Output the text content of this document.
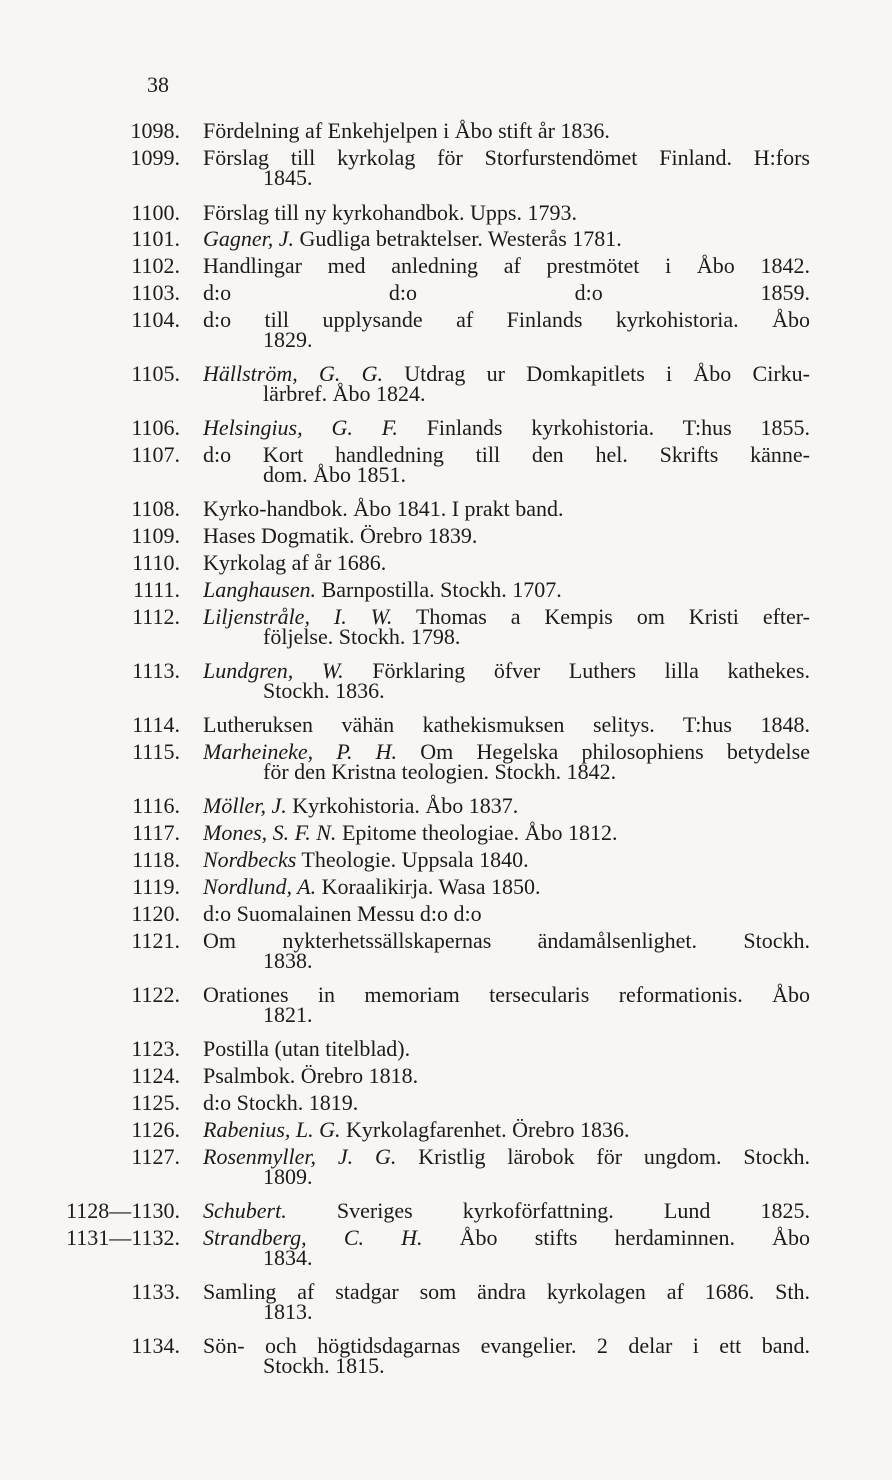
38
1098. Fördelning af Enkehjelpen i Åbo stift år 1836.
1099. Förslag till kyrkolag för Storfurstendömet Finland. H:fors
1845.
1100. Förslag till ny kyrkohandbok. Upps. 1793.
1101. Gagner, J. Gudliga betraktelser. Westerås 1781.
1102. Handlingar med anledning af prestmötet i Åbo 1842.
1103. d:o d:o d:o 1859.
1104. d:o till upplysande af Finlands kyrkohistoria. Åbo
1829.
1105. Hällström, G. G. Utdrag ur Domkapitlets i Åbo Cirku-
lärbref. Åbo 1824.
1106. Helsingius, G. F. Finlands kyrkohistoria. T:hus 1855.
1107. d:o Kort handledning till den hel. Skrifts känne-
dom. Åbo 1851.
1108. Kyrko-handbok. Åbo 1841. I prakt band.
1109. Hases Dogmatik. Örebro 1839.
1110. Kyrkolag af år 1686.
1111. Langhausen. Barnpostilla. Stockh. 1707.
1112. Liljenstråle, I. W. Thomas a Kempis om Kristi efter-
följelse. Stockh. 1798.
1113. Lundgren, W. Förklaring öfver Luthers lilla kathekes.
Stockh. 1836.
1114. Lutheruksen vähän kathekismuksen selitys. T:hus 1848.
1115. Marheineke, P. H. Om Hegelska philosophiens betydelse
för den Kristna teologien. Stockh. 1842.
1116. Möller, J. Kyrkohistoria. Åbo 1837.
1117. Mones, S. F. N. Epitome theologiae. Åbo 1812.
1118. Nordbecks Theologie. Uppsala 1840.
1119. Nordlund, A. Koraalikirja. Wasa 1850.
1120. d:o Suomalainen Messu d:o d:o
1121. Om nykterhetssällskapernas ändamålsenlighet. Stockh.
1838.
1122. Orationes in memoriam tersecularis reformationis. Åbo
1821.
1123. Postilla (utan titelblad).
1124. Psalmbok. Örebro 1818.
1125. d:o Stockh. 1819.
1126. Rabenius, L. G. Kyrkolagfarenhet. Örebro 1836.
1127. Rosenmyller, J. G. Kristlig lärobok för ungdom. Stockh.
1809.
1128—1130. Schubert. Sveriges kyrkoförfattning. Lund 1825.
1131—1132. Strandberg, C. H. Åbo stifts herdaminnen. Åbo
1834.
1133. Samling af stadgar som ändra kyrkolagen af 1686. Sth.
1813.
1134. Sön- och högtidsdagarnas evangelier. 2 delar i ett band.
Stockh. 1815.
